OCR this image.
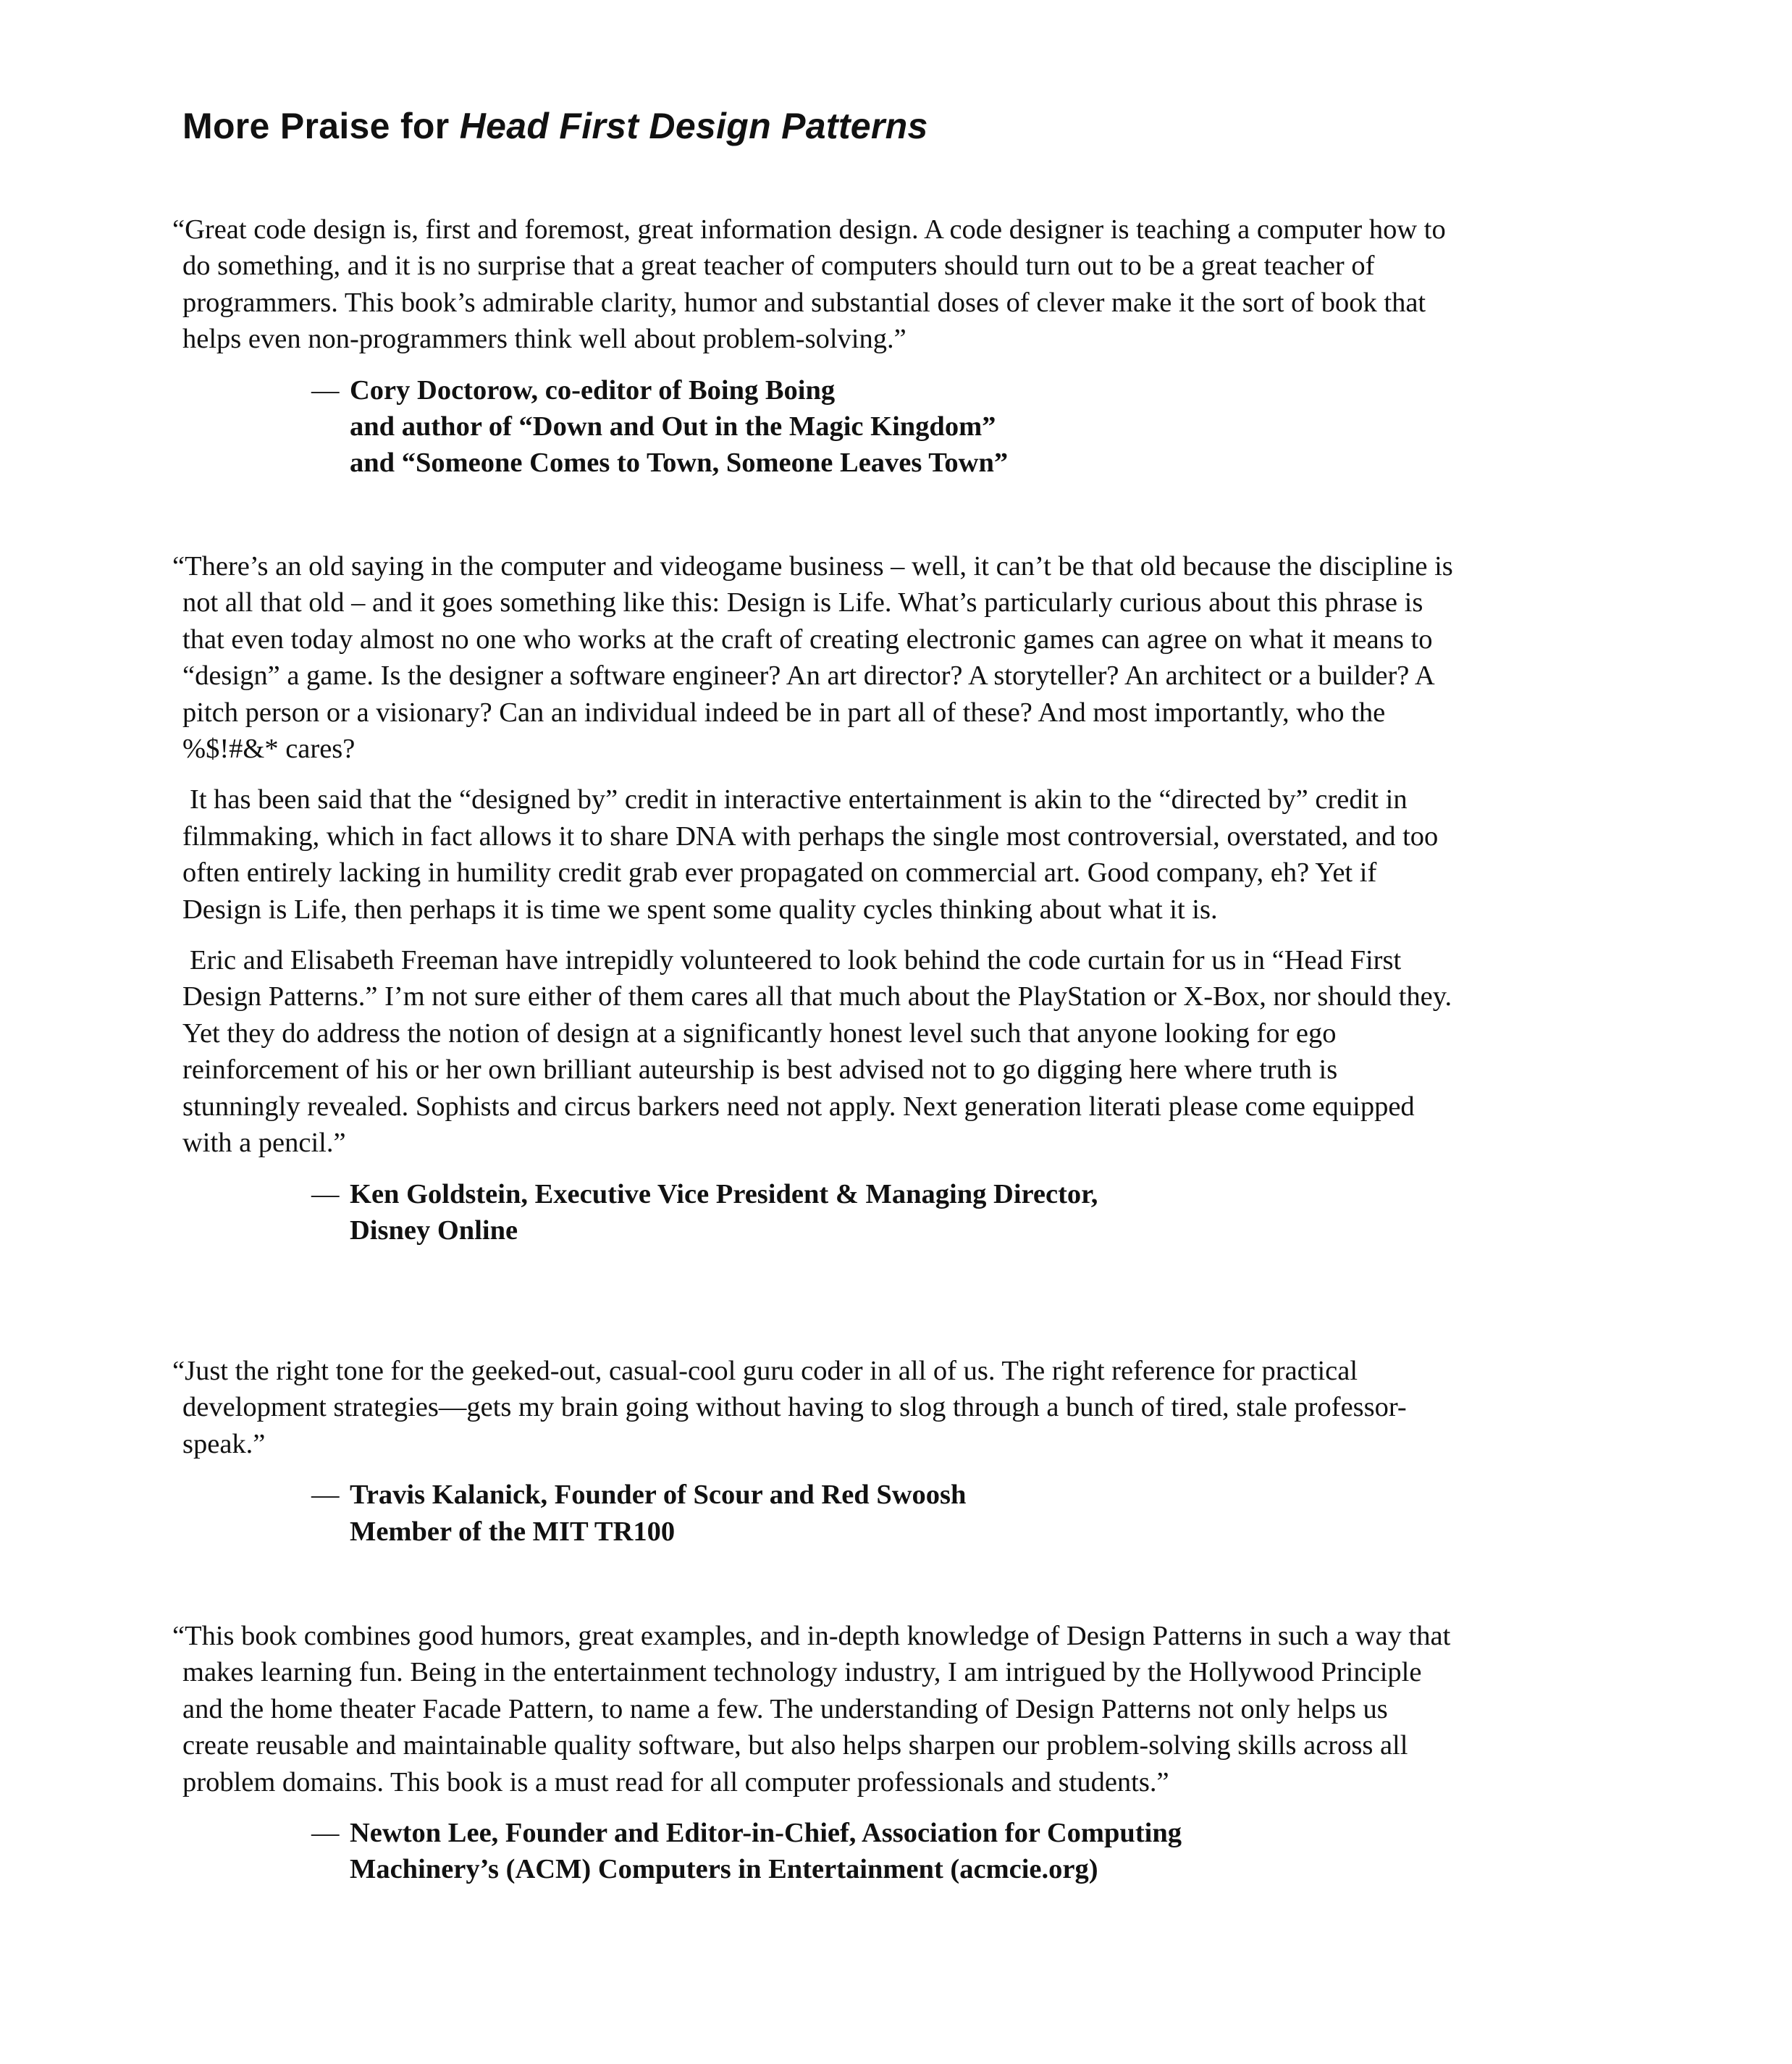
More Praise for Head First Design Patterns

“Great code design is, first and foremost, great information design. A code designer is teaching a computer how to do something, and it is no surprise that a great teacher of computers should turn out to be a great teacher of programmers. This book’s admirable clarity, humor and substantial doses of clever make it the sort of book that helps even non-programmers think well about problem-solving.”

— Cory Doctorow, co-editor of Boing Boing
and author of “Down and Out in the Magic Kingdom”
and “Someone Comes to Town, Someone Leaves Town”

“There’s an old saying in the computer and videogame business – well, it can’t be that old because the discipline is not all that old – and it goes something like this: Design is Life. What’s particularly curious about this phrase is that even today almost no one who works at the craft of creating electronic games can agree on what it means to “design” a game. Is the designer a software engineer? An art director? A storyteller? An architect or a builder? A pitch person or a visionary? Can an individual indeed be in part all of these? And most importantly, who the %$!#&* cares?

It has been said that the “designed by” credit in interactive entertainment is akin to the “directed by” credit in filmmaking, which in fact allows it to share DNA with perhaps the single most controversial, overstated, and too often entirely lacking in humility credit grab ever propagated on commercial art. Good company, eh? Yet if Design is Life, then perhaps it is time we spent some quality cycles thinking about what it is.

Eric and Elisabeth Freeman have intrepidly volunteered to look behind the code curtain for us in “Head First Design Patterns.” I’m not sure either of them cares all that much about the PlayStation or X-Box, nor should they. Yet they do address the notion of design at a significantly honest level such that anyone looking for ego reinforcement of his or her own brilliant auteurship is best advised not to go digging here where truth is stunningly revealed. Sophists and circus barkers need not apply. Next generation literati please come equipped with a pencil.”

— Ken Goldstein, Executive Vice President & Managing Director,
Disney Online

“Just the right tone for the geeked-out, casual-cool guru coder in all of us. The right reference for practical development strategies—gets my brain going without having to slog through a bunch of tired, stale professor-speak.”

— Travis Kalanick, Founder of Scour and Red Swoosh
Member of the MIT TR100

“This book combines good humors, great examples, and in-depth knowledge of Design Patterns in such a way that makes learning fun. Being in the entertainment technology industry, I am intrigued by the Hollywood Principle and the home theater Facade Pattern, to name a few. The understanding of Design Patterns not only helps us create reusable and maintainable quality software, but also helps sharpen our problem-solving skills across all problem domains. This book is a must read for all computer professionals and students.”

— Newton Lee, Founder and Editor-in-Chief, Association for Computing
Machinery’s (ACM) Computers in Entertainment (acmcie.org)
